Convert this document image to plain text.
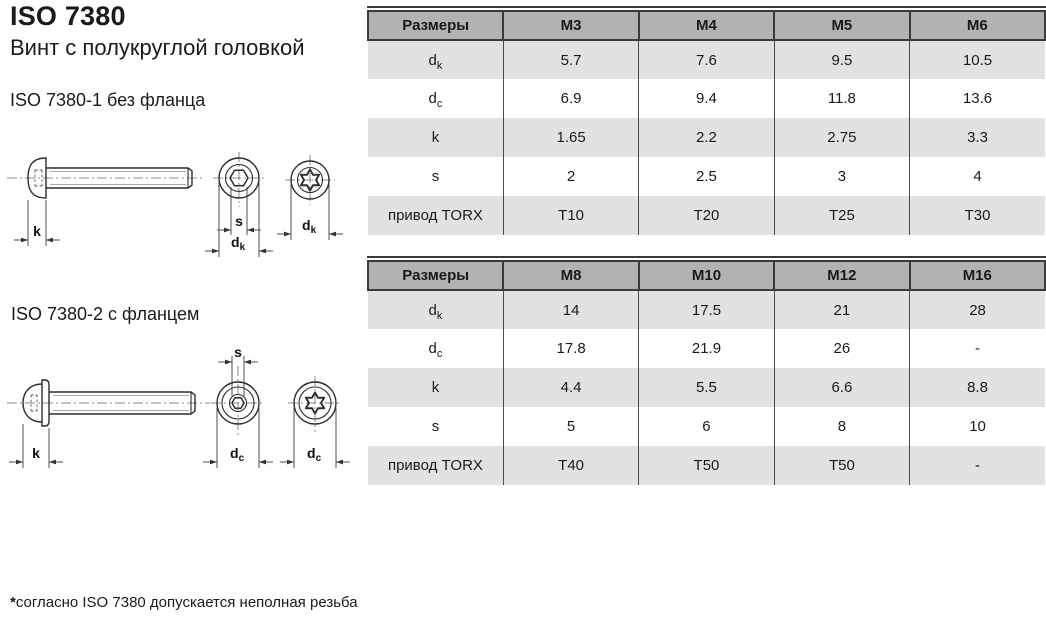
ISO 7380
Винт с полукруглой головкой
ISO 7380-1 без фланца
ISO 7380-2 с фланцем
k
s
$d_k$
$d_k$
k
s
$d_c$	$d_c$
Размеры	M3	M4	M5	M6
$d_k$	5.7	7.6	9.5	10.5
$d_c$	6.9	9.4	11.8	13.6
k	1.65	2.2	2.75	3.3
s	2	2.5	3	4
привод TORX	T10	T20	T25	T30
Размеры	M8	M10	M12	M16
$d_k$	14	17.5	21	28
$d_c$	17.8	21.9	26	-
k	4.4	5.5	6.6	8.8
s	5	6	8	10
привод TORX	T40	T50	T50	-
*согласно ISO 7380 допускается неполная резьба
